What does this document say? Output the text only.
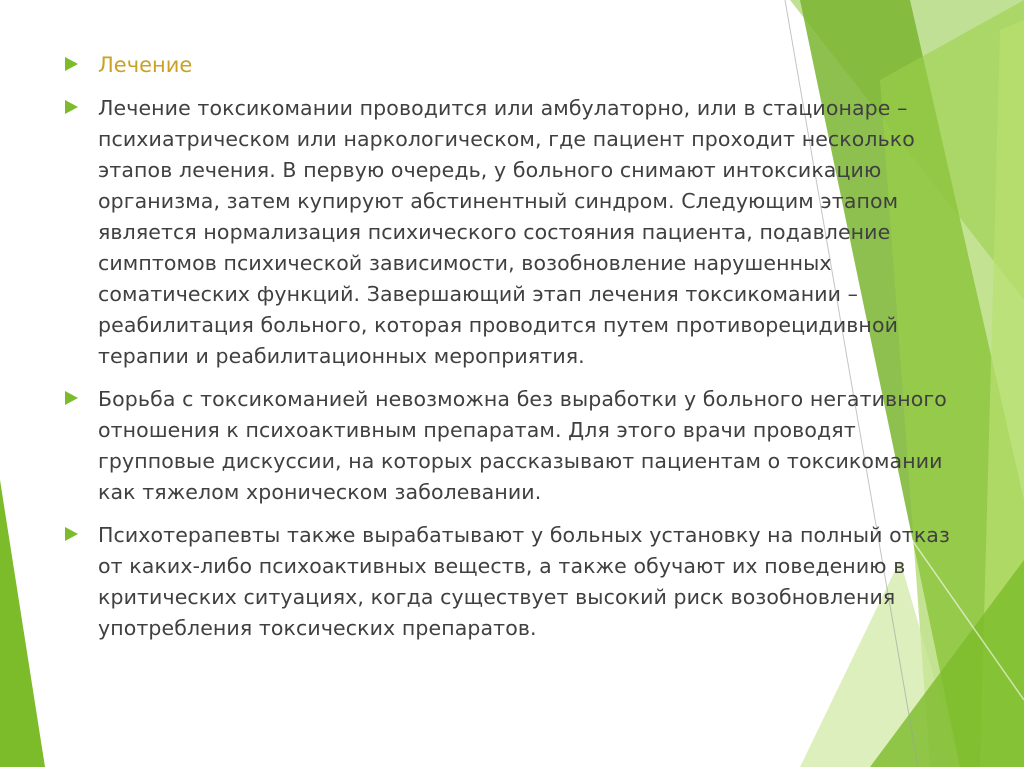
Лечение
Лечение токсикомании проводится или амбулаторно, или в стационаре – психиатрическом или наркологическом, где пациент проходит несколько этапов лечения. В первую очередь, у больного снимают интоксикацию организма, затем купируют абстинентный синдром. Следующим этапом является нормализация психического состояния пациента, подавление симптомов психической зависимости, возобновление нарушенных соматических функций. Завершающий этап лечения токсикомании – реабилитация больного, которая проводится путем противорецидивной терапии и реабилитационных мероприятия.
Борьба с токсикоманией невозможна без выработки у больного негативного отношения к психоактивным препаратам. Для этого врачи проводят групповые дискуссии, на которых рассказывают пациентам о токсикомании как тяжелом хроническом заболевании.
Психотерапевты также вырабатывают у больных установку на полный отказ от каких-либо психоактивных веществ, а также обучают их поведению в критических ситуациях, когда существует высокий риск возобновления употребления токсических препаратов.
